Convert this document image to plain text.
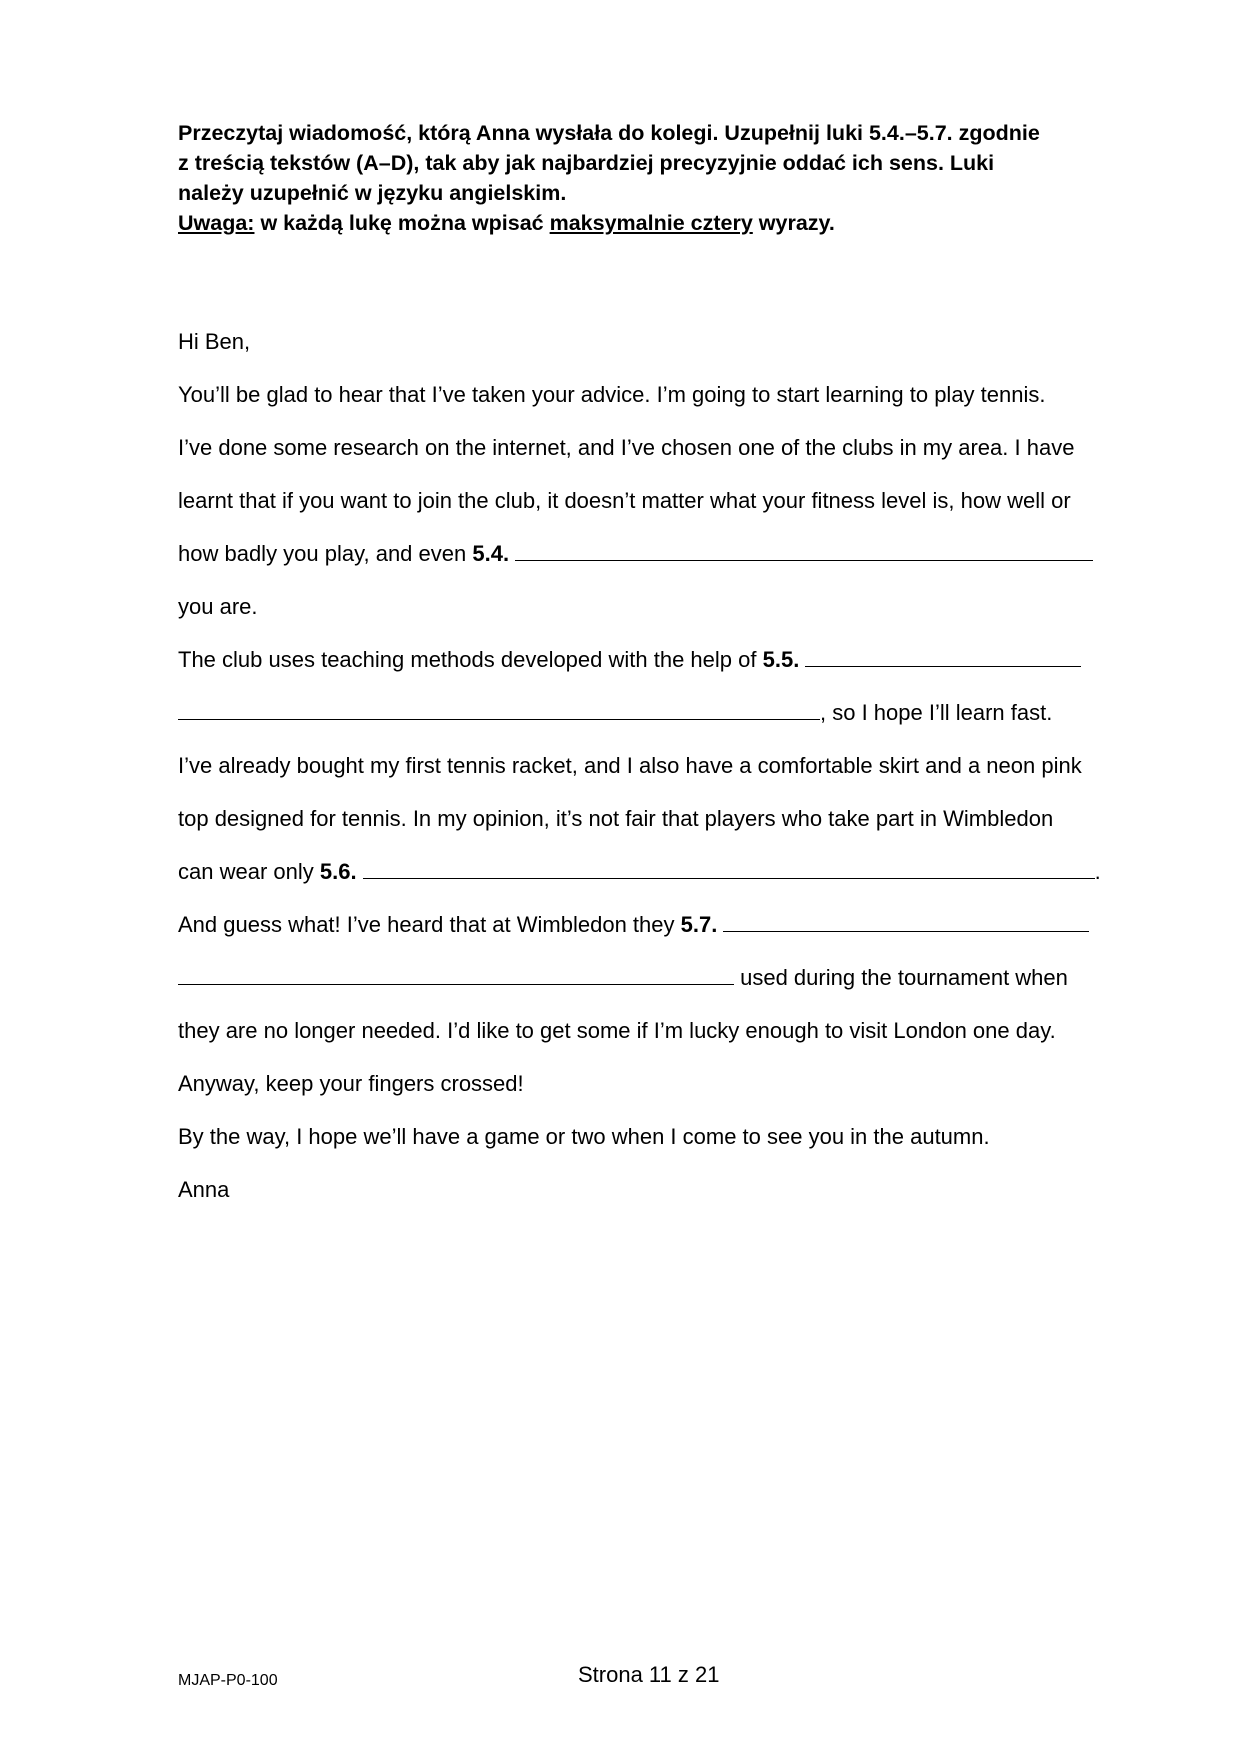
Przeczytaj wiadomość, którą Anna wysłała do kolegi. Uzupełnij luki 5.4.–5.7. zgodnie
z treścią tekstów (A–D), tak aby jak najbardziej precyzyjnie oddać ich sens. Luki
należy uzupełnić w języku angielskim.
Uwaga: w każdą lukę można wpisać maksymalnie cztery wyrazy.
Hi Ben,
You’ll be glad to hear that I’ve taken your advice. I’m going to start learning to play tennis.
I’ve done some research on the internet, and I’ve chosen one of the clubs in my area. I have
learnt that if you want to join the club, it doesn’t matter what your fitness level is, how well or
how badly you play, and even 5.4.
you are.
The club uses teaching methods developed with the help of 5.5.
, so I hope I’ll learn fast.
I’ve already bought my first tennis racket, and I also have a comfortable skirt and a neon pink
top designed for tennis. In my opinion, it’s not fair that players who take part in Wimbledon
can wear only 5.6.	.
And guess what! I’ve heard that at Wimbledon they 5.7.
used during the tournament when
they are no longer needed. I’d like to get some if I’m lucky enough to visit London one day.
Anyway, keep your fingers crossed!
By the way, I hope we’ll have a game or two when I come to see you in the autumn.
Anna
MJAP-P0-100	Strona 11 z 21
